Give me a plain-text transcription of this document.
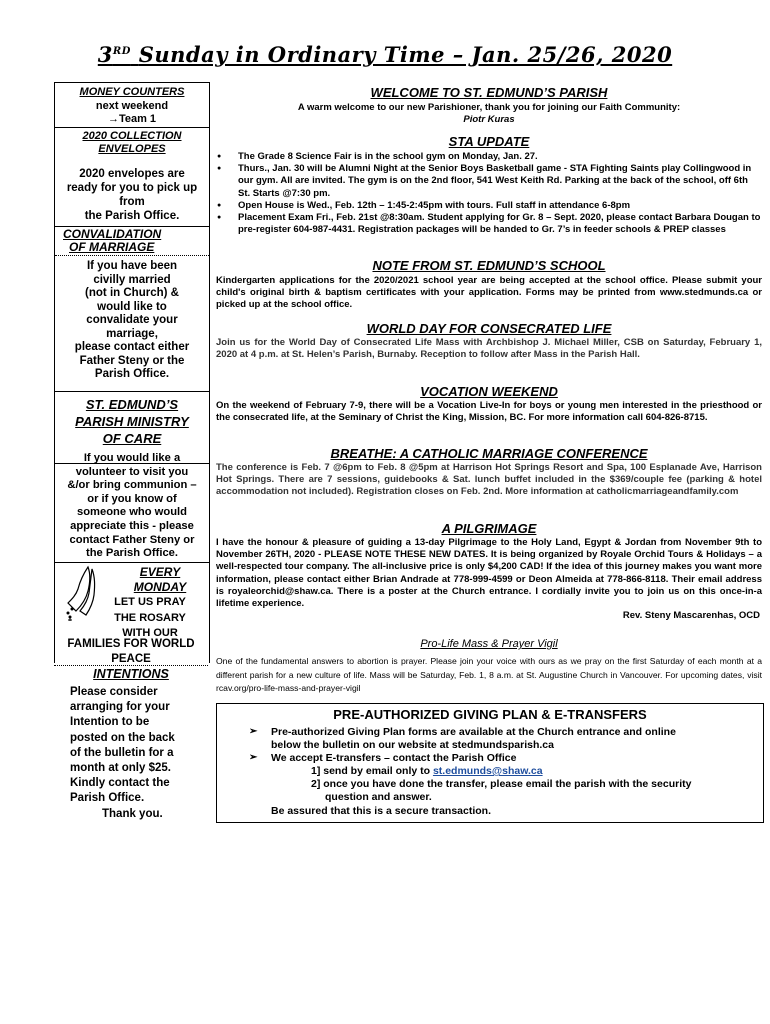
3RD Sunday in Ordinary Time – Jan. 25/26, 2020
MONEY COUNTERS
next weekend
→Team 1
2020 COLLECTION
ENVELOPES
2020 envelopes are
ready for you to pick up
from
the Parish Office.
CONVALIDATION
OF MARRIAGE
If you have been
civilly married
(not in Church) &
would like to
convalidate your
marriage,
please contact either
Father Steny or the
Parish Office.
ST. EDMUND’S
PARISH MINISTRY
OF CARE
If you would like a
volunteer to visit you
&/or bring communion –
or if you know of
someone who would
appreciate this - please
contact Father Steny or
the Parish Office.
EVERY
MONDAY
LET US PRAY
THE ROSARY
WITH OUR
FAMILIES FOR WORLD
PEACE
INTENTIONS
Please consider
arranging for your
Intention to be
posted on the back
of the bulletin for a
month at only $25.
Kindly contact the
Parish Office.
Thank you.
WELCOME TO ST. EDMUND’S PARISH
A warm welcome to our new Parishioner, thank you for joining our Faith Community:
Piotr Kuras
STA UPDATE
● The Grade 8 Science Fair is in the school gym on Monday, Jan. 27.
● Thurs., Jan. 30 will be Alumni Night at the Senior Boys Basketball game - STA Fighting Saints play Collingwood in our gym. All are invited. The gym is on the 2nd floor, 541 West Keith Rd. Parking at the back of the school, off 6th St. Starts @7:30 pm.
● Open House is Wed., Feb. 12th – 1:45-2:45pm with tours. Full staff in attendance 6-8pm
● Placement Exam Fri., Feb. 21st @8:30am. Student applying for Gr. 8 – Sept. 2020, please contact Barbara Dougan to pre-register 604-987-4431. Registration packages will be handed to Gr. 7’s in feeder schools & PREP classes
NOTE FROM ST. EDMUND’S SCHOOL
Kindergarten applications for the 2020/2021 school year are being accepted at the school office. Please submit your child's original birth & baptism certificates with your application. Forms may be printed from www.stedmunds.ca or picked up at the school office.
WORLD DAY FOR CONSECRATED LIFE
Join us for the World Day of Consecrated Life Mass with Archbishop J. Michael Miller, CSB on Saturday, February 1, 2020 at 4 p.m. at St. Helen’s Parish, Burnaby. Reception to follow after Mass in the Parish Hall.
VOCATION WEEKEND
On the weekend of February 7-9, there will be a Vocation Live-In for boys or young men interested in the priesthood or the consecrated life, at the Seminary of Christ the King, Mission, BC. For more information call 604-826-8715.
BREATHE: A CATHOLIC MARRIAGE CONFERENCE
The conference is Feb. 7 @6pm to Feb. 8 @5pm at Harrison Hot Springs Resort and Spa, 100 Esplanade Ave, Harrison Hot Springs. There are 7 sessions, guidebooks & Sat. lunch buffet included in the $369/couple fee (parking & hotel accommodation not included). Registration closes on Feb. 2nd. More information at catholicmarriageandfamily.com
A PILGRIMAGE
I have the honour & pleasure of guiding a 13-day Pilgrimage to the Holy Land, Egypt & Jordan from November 9th to November 26TH, 2020 - PLEASE NOTE THESE NEW DATES. It is being organized by Royale Orchid Tours & Holidays – a well-respected tour company. The all-inclusive price is only $4,200 CAD! If the idea of this journey makes you want more information, please contact either Brian Andrade at 778-999-4599 or Deon Almeida at 778-866-8118. Their email address is royaleorchid@shaw.ca. There is a poster at the Church entrance. I cordially invite you to join us on this once-in-a lifetime experience.
Rev. Steny Mascarenhas, OCD
Pro-Life Mass & Prayer Vigil
One of the fundamental answers to abortion is prayer. Please join your voice with ours as we pray on the first Saturday of each month at a different parish for a new culture of life. Mass will be Saturday, Feb. 1, 8 a.m. at St. Augustine Church in Vancouver. For upcoming dates, visit rcav.org/pro-life-mass-and-prayer-vigil
PRE-AUTHORIZED GIVING PLAN & E-TRANSFERS
➢ Pre-authorized Giving Plan forms are available at the Church entrance and online
below the bulletin on our website at stedmundsparish.ca
➢ We accept E-transfers – contact the Parish Office
1] send by email only to st.edmunds@shaw.ca
2] once you have done the transfer, please email the parish with the security
question and answer.
Be assured that this is a secure transaction.
